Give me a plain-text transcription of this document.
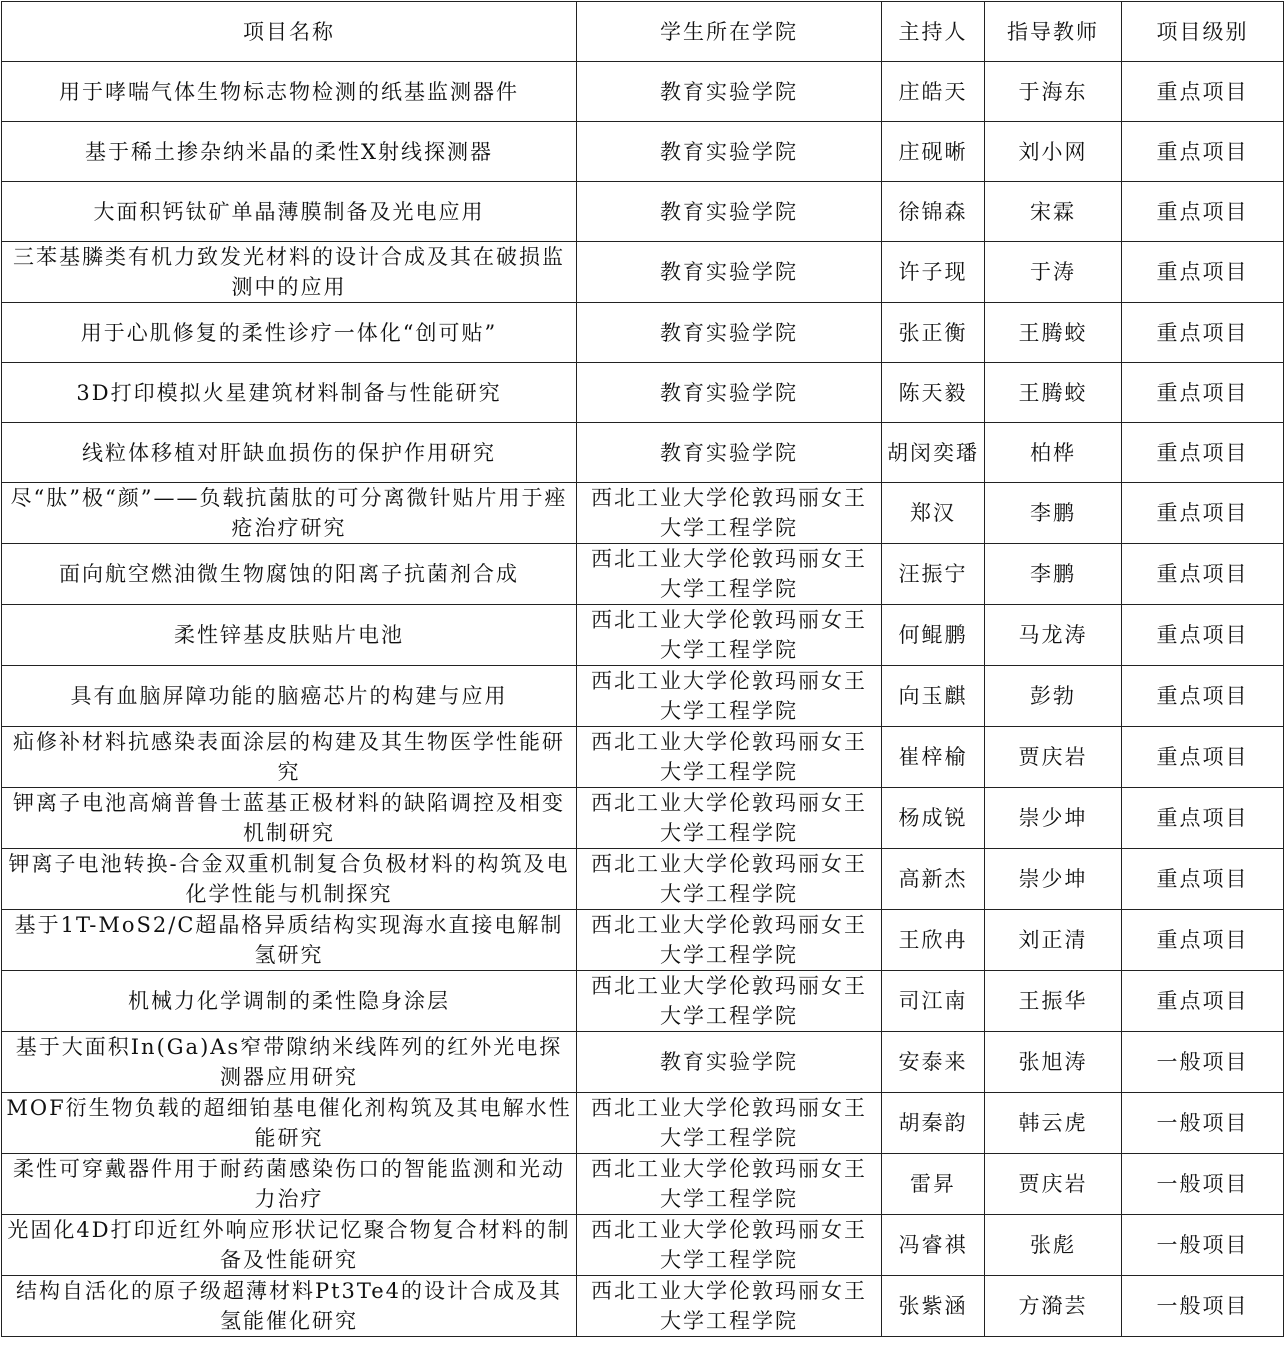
项目名称	学生所在学院	主持人	指导教师	项目级别
用于哮喘气体生物标志物检测的纸基监测器件	教育实验学院	庄皓天	于海东	重点项目
基于稀土掺杂纳米晶的柔性X射线探测器	教育实验学院	庄砚晰	刘小网	重点项目
大面积钙钛矿单晶薄膜制备及光电应用	教育实验学院	徐锦森	宋霖	重点项目
三苯基膦类有机力致发光材料的设计合成及其在破损监测中的应用	教育实验学院	许子现	于涛	重点项目
用于心肌修复的柔性诊疗一体化“创可贴”	教育实验学院	张正衡	王腾蛟	重点项目
3D打印模拟火星建筑材料制备与性能研究	教育实验学院	陈天毅	王腾蛟	重点项目
线粒体移植对肝缺血损伤的保护作用研究	教育实验学院	胡闵奕璠	柏桦	重点项目
尽“肽”极“颜”——负载抗菌肽的可分离微针贴片用于痤疮治疗研究	西北工业大学伦敦玛丽女王大学工程学院	郑汉	李鹏	重点项目
面向航空燃油微生物腐蚀的阳离子抗菌剂合成	西北工业大学伦敦玛丽女王大学工程学院	汪振宁	李鹏	重点项目
柔性锌基皮肤贴片电池	西北工业大学伦敦玛丽女王大学工程学院	何鲲鹏	马龙涛	重点项目
具有血脑屏障功能的脑癌芯片的构建与应用	西北工业大学伦敦玛丽女王大学工程学院	向玉麒	彭勃	重点项目
疝修补材料抗感染表面涂层的构建及其生物医学性能研究	西北工业大学伦敦玛丽女王大学工程学院	崔梓榆	贾庆岩	重点项目
钾离子电池高熵普鲁士蓝基正极材料的缺陷调控及相变机制研究	西北工业大学伦敦玛丽女王大学工程学院	杨成锐	崇少坤	重点项目
钾离子电池转换-合金双重机制复合负极材料的构筑及电化学性能与机制探究	西北工业大学伦敦玛丽女王大学工程学院	高新杰	崇少坤	重点项目
基于1T-MoS2/C超晶格异质结构实现海水直接电解制氢研究	西北工业大学伦敦玛丽女王大学工程学院	王欣冉	刘正清	重点项目
机械力化学调制的柔性隐身涂层	西北工业大学伦敦玛丽女王大学工程学院	司江南	王振华	重点项目
基于大面积In(Ga)As窄带隙纳米线阵列的红外光电探测器应用研究	教育实验学院	安泰来	张旭涛	一般项目
MOF衍生物负载的超细铂基电催化剂构筑及其电解水性能研究	西北工业大学伦敦玛丽女王大学工程学院	胡秦韵	韩云虎	一般项目
柔性可穿戴器件用于耐药菌感染伤口的智能监测和光动力治疗	西北工业大学伦敦玛丽女王大学工程学院	雷昇	贾庆岩	一般项目
光固化4D打印近红外响应形状记忆聚合物复合材料的制备及性能研究	西北工业大学伦敦玛丽女王大学工程学院	冯睿祺	张彪	一般项目
结构自活化的原子级超薄材料Pt3Te4的设计合成及其氢能催化研究	西北工业大学伦敦玛丽女王大学工程学院	张紫涵	方漪芸	一般项目
